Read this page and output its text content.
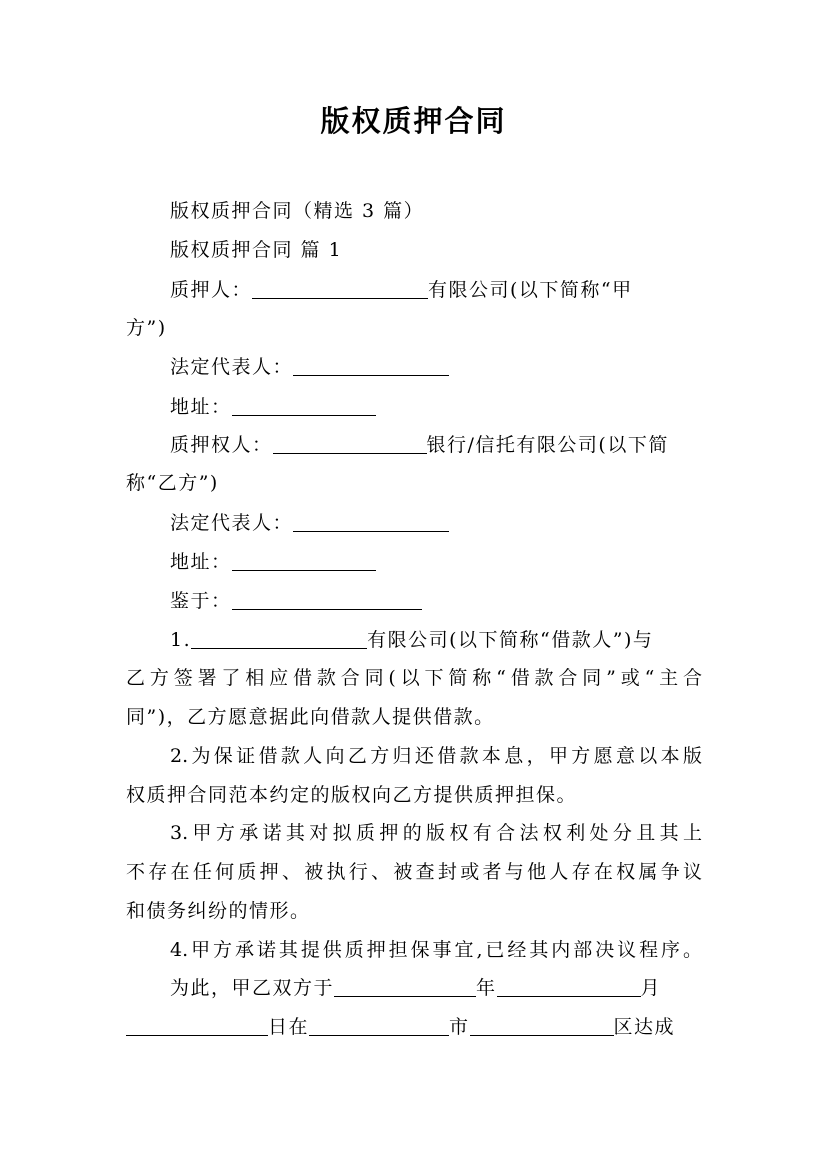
版权质押合同
版权质押合同（精选 3 篇）
版权质押合同 篇 1
质押人：	有限公司(以下简称“甲
方”)
法定代表人：
地址：
质押权人：	银行/信托有限公司(以下简
称“乙方”)
法定代表人：
地址：
鉴于：
1.	有限公司(以下简称“借款人”)与
乙方签署了相应借款合同(以下简称“借款合同”或“主合
同”)，乙方愿意据此向借款人提供借款。
2.为保证借款人向乙方归还借款本息，甲方愿意以本版
权质押合同范本约定的版权向乙方提供质押担保。
3.甲方承诺其对拟质押的版权有合法权利处分且其上
不存在任何质押、被执行、被查封或者与他人存在权属争议
和债务纠纷的情形。
4.甲方承诺其提供质押担保事宜,已经其内部决议程序。
为此，甲乙双方于	年	月
日在	市	区达成
